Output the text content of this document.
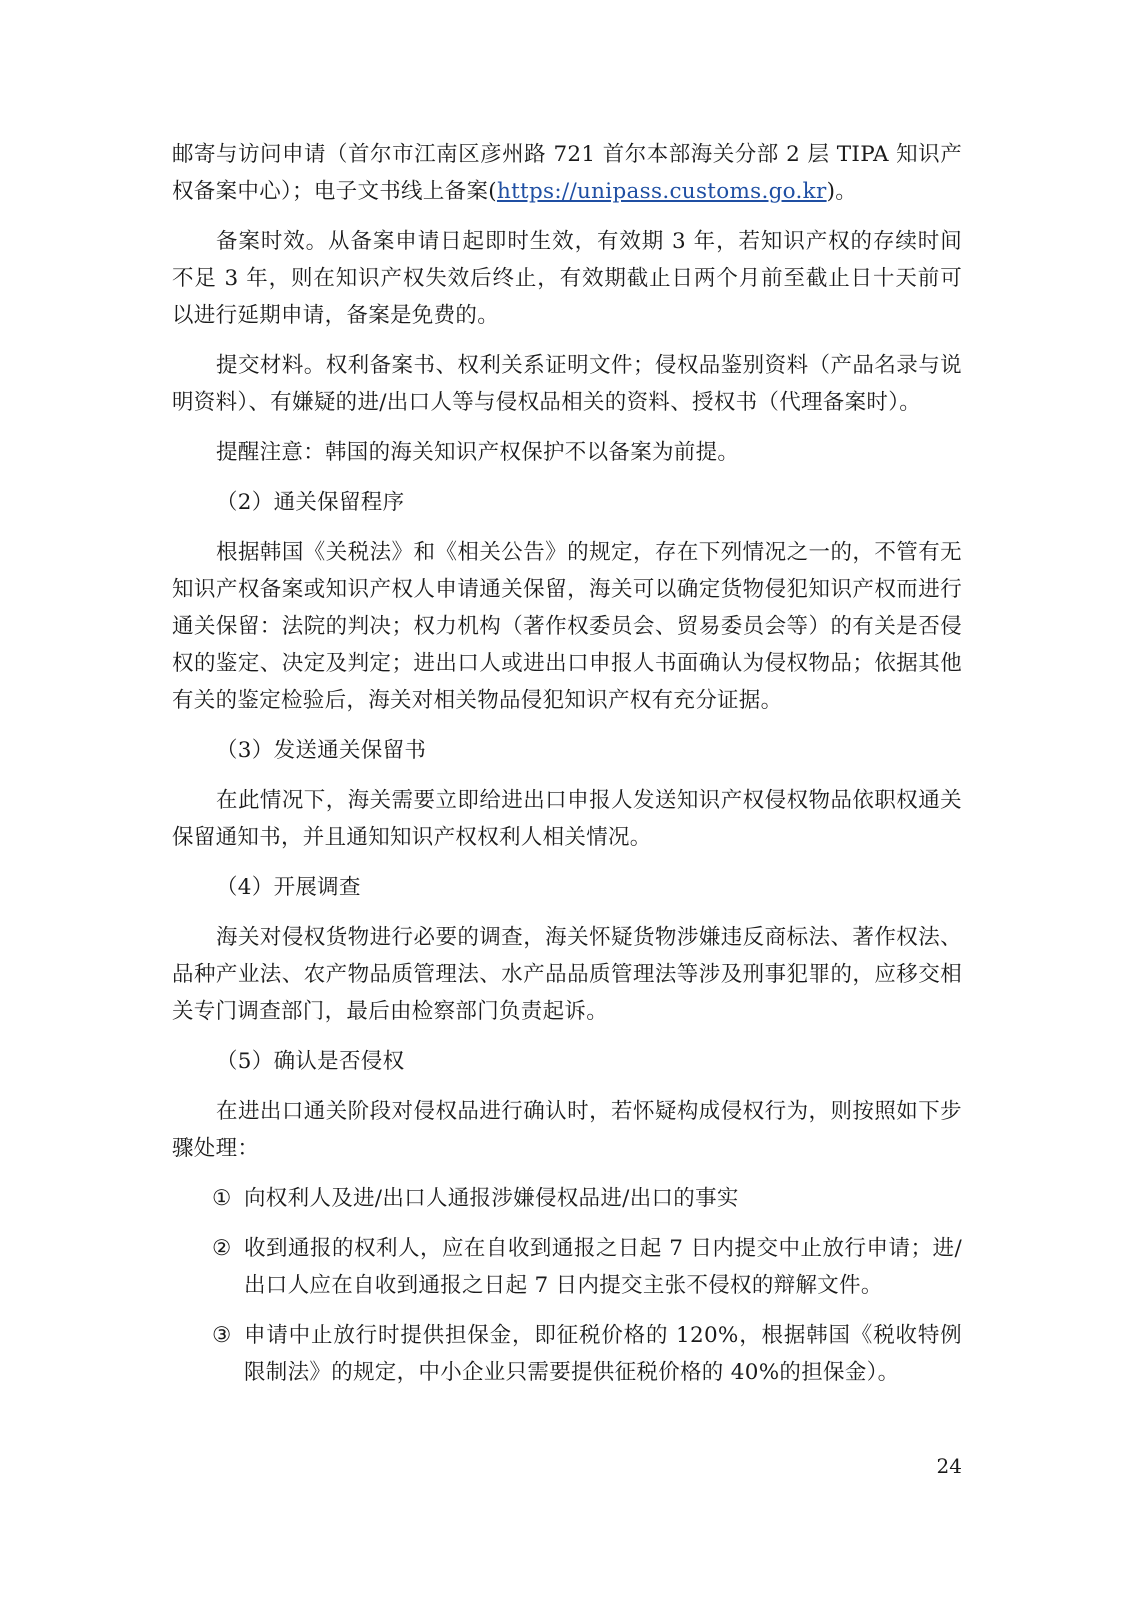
邮寄与访问申请（首尔市江南区彦州路 721 首尔本部海关分部 2 层 TIPA 知识产权备案中心）；电子文书线上备案(https://unipass.customs.go.kr)。

备案时效。从备案申请日起即时生效，有效期 3 年，若知识产权的存续时间不足 3 年，则在知识产权失效后终止，有效期截止日两个月前至截止日十天前可以进行延期申请，备案是免费的。

提交材料。权利备案书、权利关系证明文件；侵权品鉴别资料（产品名录与说明资料）、有嫌疑的进/出口人等与侵权品相关的资料、授权书（代理备案时）。

提醒注意：韩国的海关知识产权保护不以备案为前提。

（2）通关保留程序

根据韩国《关税法》和《相关公告》的规定，存在下列情况之一的，不管有无知识产权备案或知识产权人申请通关保留，海关可以确定货物侵犯知识产权而进行通关保留：法院的判决；权力机构（著作权委员会、贸易委员会等）的有关是否侵权的鉴定、决定及判定；进出口人或进出口申报人书面确认为侵权物品；依据其他有关的鉴定检验后，海关对相关物品侵犯知识产权有充分证据。

（3）发送通关保留书

在此情况下，海关需要立即给进出口申报人发送知识产权侵权物品依职权通关保留通知书，并且通知知识产权权利人相关情况。

（4）开展调查

海关对侵权货物进行必要的调查，海关怀疑货物涉嫌违反商标法、著作权法、品种产业法、农产物品质管理法、水产品品质管理法等涉及刑事犯罪的，应移交相关专门调查部门，最后由检察部门负责起诉。

（5）确认是否侵权

在进出口通关阶段对侵权品进行确认时，若怀疑构成侵权行为，则按照如下步骤处理：

① 向权利人及进/出口人通报涉嫌侵权品进/出口的事实

② 收到通报的权利人，应在自收到通报之日起 7 日内提交中止放行申请；进/出口人应在自收到通报之日起 7 日内提交主张不侵权的辩解文件。

③ 申请中止放行时提供担保金，即征税价格的 120%，根据韩国《税收特例限制法》的规定，中小企业只需要提供征税价格的 40%的担保金）。

24
